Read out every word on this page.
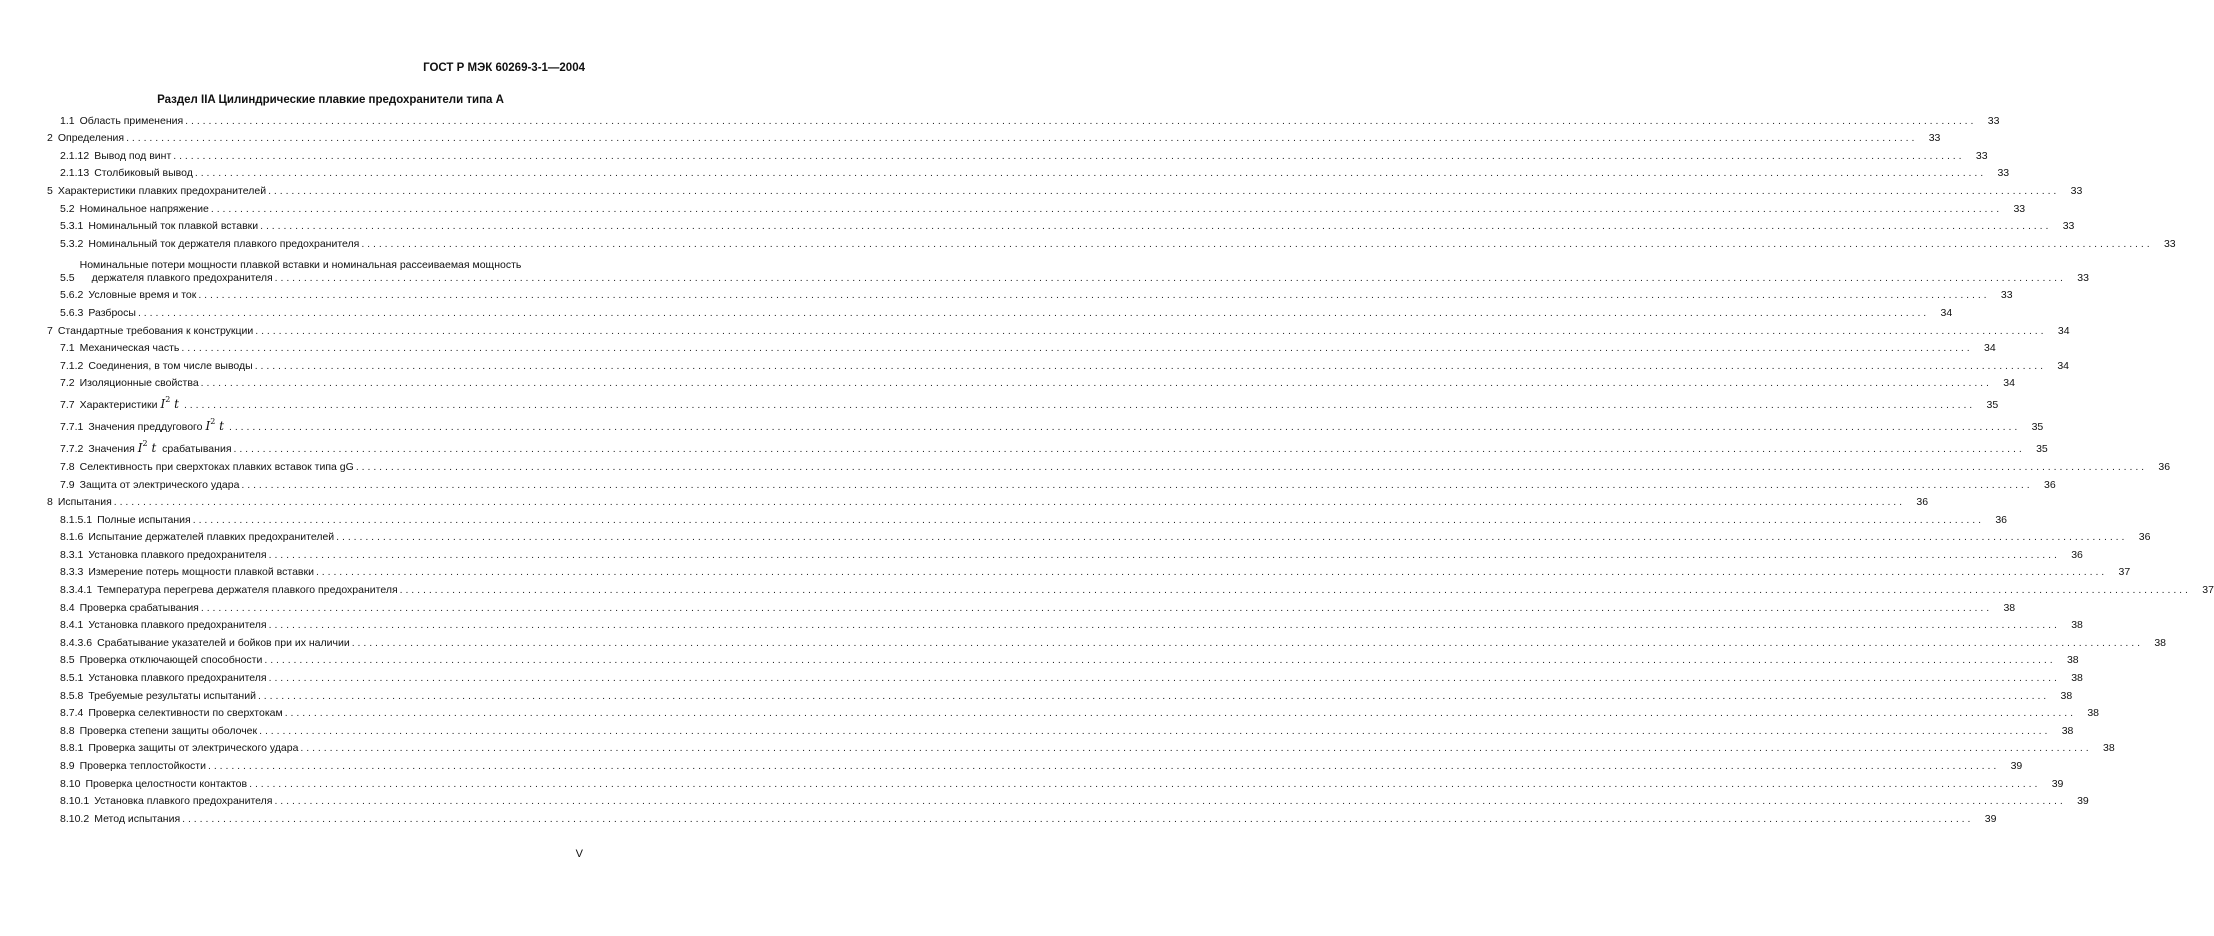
ГОСТ Р МЭК 60269-3-1—2004
Раздел IIA Цилиндрические плавкие предохранители типа А
1.1 Область применения . . .	33
2 Определения . . .	33
2.1.12 Вывод под винт . . .	33
2.1.13 Столбиковый вывод . . .	33
5 Характеристики плавких предохранителей . . .	33
5.2 Номинальное напряжение . . .	33
5.3.1 Номинальный ток плавкой вставки . . .	33
5.3.2 Номинальный ток держателя плавкого предохранителя . . .	33
5.5
Номинальные потери мощности плавкой вставки и номинальная рассеиваемая мощность
держателя плавкого предохранителя . . .	33
5.6.2 Условные время и ток . . .	33
5.6.3 Разбросы . . .	34
7 Стандартные требования к конструкции . . .	34
7.1 Механическая часть . . .	34
7.1.2 Соединения, в том числе выводы . . .	34
7.2 Изоляционные свойства . . .	34
7.7 Характеристики $I^2$ t . . .	35
7.7.1 Значения преддугового $I^2$ t . . .	35
7.7.2 Значения $I^2$ t срабатывания . . .	35
7.8 Селективность при сверхтоках плавких вставок типа gG . . .	36
7.9 Защита от электрического удара . . .	36
8 Испытания . . .	36
8.1.5.1 Полные испытания . . .	36
8.1.6 Испытание держателей плавких предохранителей . . .	36
8.3.1 Установка плавкого предохранителя . . .	36
8.3.3 Измерение потерь мощности плавкой вставки . . .	37
8.3.4.1 Температура перегрева держателя плавкого предохранителя . . .	37
8.4 Проверка срабатывания . . .	38
8.4.1 Установка плавкого предохранителя . . .	38
8.4.3.6 Срабатывание указателей и бойков при их наличии . . .	38
8.5 Проверка отключающей способности . . .	38
8.5.1 Установка плавкого предохранителя . . .	38
8.5.8 Требуемые результаты испытаний . . .	38
8.7.4 Проверка селективности по сверхтокам . . .	38
8.8 Проверка степени защиты оболочек . . .	38
8.8.1 Проверка защиты от электрического удара . . .	38
8.9 Проверка теплостойкости . . .	39
8.10 Проверка целостности контактов . . .	39
8.10.1 Установка плавкого предохранителя . . .	39
8.10.2 Метод испытания . . .	39
V
